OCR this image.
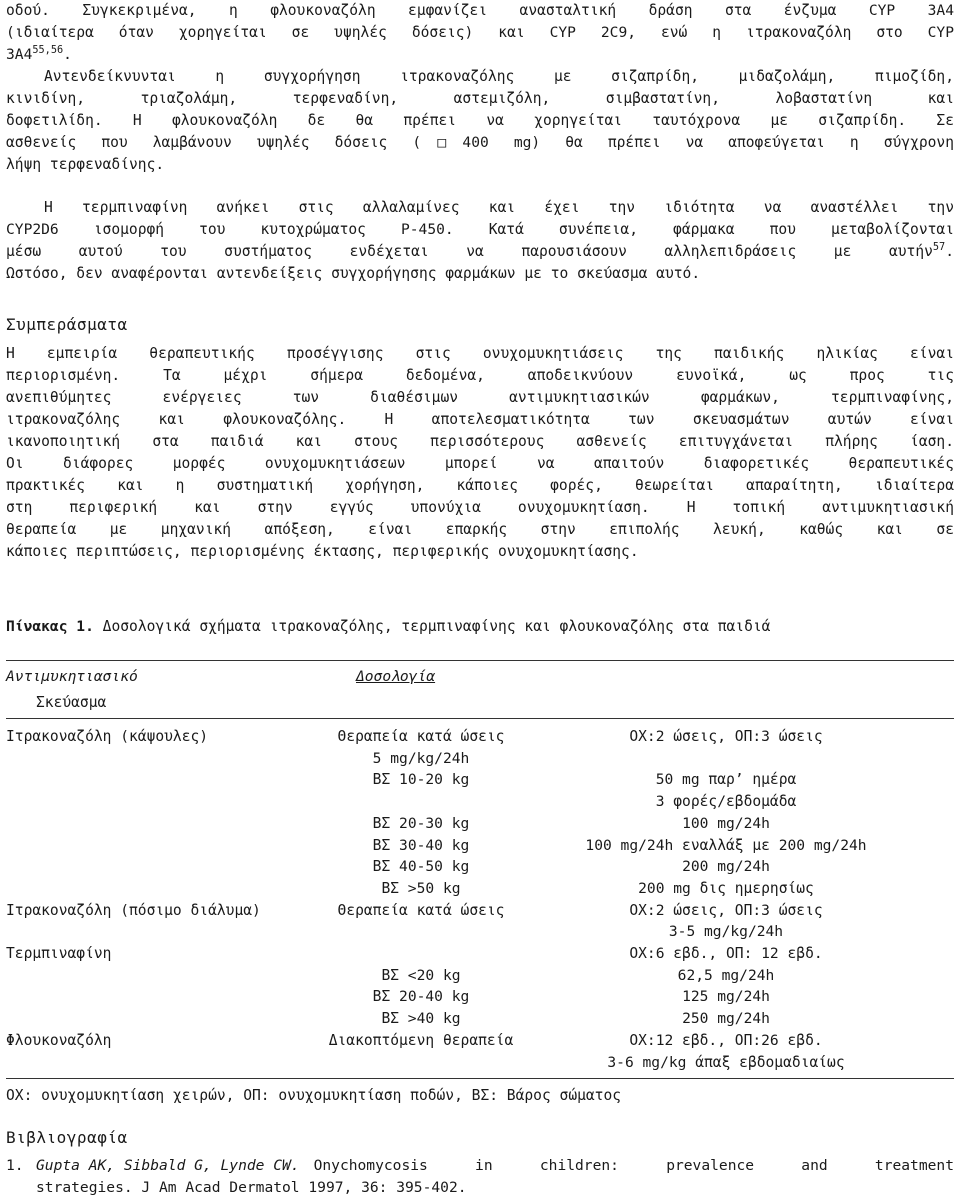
οδού. Συγκεκριμένα, η φλουκοναζόλη εμφανίζει ανασταλτική δράση στα ένζυμα CYP 3A4
(ιδιαίτερα όταν χορηγείται σε υψηλές δόσεις) και CYP 2C9, ενώ η ιτρακοναζόλη στο CYP
3A4$^{55,56}$.
Αντενδείκνυνται η συγχορήγηση ιτρακοναζόλης με σιζαπρίδη, μιδαζολάμη, πιμοζίδη,
κινιδίνη, τριαζολάμη, τερφεναδίνη, αστεμιζόλη, σιμβαστατίνη, λοβαστατίνη και
δοφετιλίδη. Η φλουκοναζόλη δε θα πρέπει να χορηγείται ταυτόχρονα με σιζαπρίδη. Σε
ασθενείς που λαμβάνουν υψηλές δόσεις (□400 mg) θα πρέπει να αποφεύγεται η σύγχρονη
λήψη τερφεναδίνης.
Η τερμπιναφίνη ανήκει στις αλλαλαμίνες και έχει την ιδιότητα να αναστέλλει την
CYP2D6 ισομορφή του κυτοχρώματος P-450. Κατά συνέπεια, φάρμακα που μεταβολίζονται
μέσω αυτού του συστήματος ενδέχεται να παρουσιάσουν αλληλεπιδράσεις με αυτήν$^{57}$.
Ωστόσο, δεν αναφέρονται αντενδείξεις συγχορήγησης φαρμάκων με το σκεύασμα αυτό.
Συμπεράσματα
Η εμπειρία θεραπευτικής προσέγγισης στις ονυχομυκητιάσεις της παιδικής ηλικίας είναι
περιορισμένη. Τα μέχρι σήμερα δεδομένα, αποδεικνύουν ευνοϊκά, ως προς τις
ανεπιθύμητες ενέργειες των διαθέσιμων αντιμυκητιασικών φαρμάκων, τερμπιναφίνης,
ιτρακοναζόλης και φλουκοναζόλης. Η αποτελεσματικότητα των σκευασμάτων αυτών είναι
ικανοποιητική στα παιδιά και στους περισσότερους ασθενείς επιτυγχάνεται πλήρης ίαση.
Οι διάφορες μορφές ονυχομυκητιάσεων μπορεί να απαιτούν διαφορετικές θεραπευτικές
πρακτικές και η συστηματική χορήγηση, κάποιες φορές, θεωρείται απαραίτητη, ιδιαίτερα
στη περιφερική και στην εγγύς υπονύχια ονυχομυκητίαση. Η τοπική αντιμυκητιασική
θεραπεία με μηχανική απόξεση, είναι επαρκής στην επιπολής λευκή, καθώς και σε
κάποιες περιπτώσεις, περιορισμένης έκτασης, περιφερικής ονυχομυκητίασης.
Πίνακας 1. Δοσολογικά σχήματα ιτρακοναζόλης, τερμπιναφίνης και φλουκοναζόλης στα παιδιά
Αντιμυκητιασικό	Δοσολογία
Σκεύασμα
Ιτρακοναζόλη (κάψουλες)	Θεραπεία κατά ώσεις	ΟΧ:2 ώσεις, ΟΠ:3 ώσεις
5 mg/kg/24h
ΒΣ 10-20 kg	50 mg παρ’ ημέρα
3 φορές/εβδομάδα
ΒΣ 20-30 kg	100 mg/24h
ΒΣ 30-40 kg	100 mg/24h εναλλάξ με 200 mg/24h
ΒΣ 40-50 kg	200 mg/24h
ΒΣ >50 kg	200 mg δις ημερησίως
Ιτρακοναζόλη (πόσιμο διάλυμα)	Θεραπεία κατά ώσεις	ΟΧ:2 ώσεις, ΟΠ:3 ώσεις
3-5 mg/kg/24h
Τερμπιναφίνη	ΟΧ:6 εβδ., ΟΠ: 12 εβδ.
ΒΣ <20 kg	62,5 mg/24h
ΒΣ 20-40 kg	125 mg/24h
ΒΣ >40 kg	250 mg/24h
Φλουκοναζόλη	Διακοπτόμενη θεραπεία	ΟΧ:12 εβδ., ΟΠ:26 εβδ.
3-6 mg/kg άπαξ εβδομαδιαίως
ΟΧ: ονυχομυκητίαση χειρών, ΟΠ: ονυχομυκητίαση ποδών, ΒΣ: Βάρος σώματος
Βιβλιογραφία
1. Gupta AK, Sibbald G, Lynde CW. Onychomycosis in children: prevalence and treatment
strategies. J Am Acad Dermatol 1997, 36: 395-402.
